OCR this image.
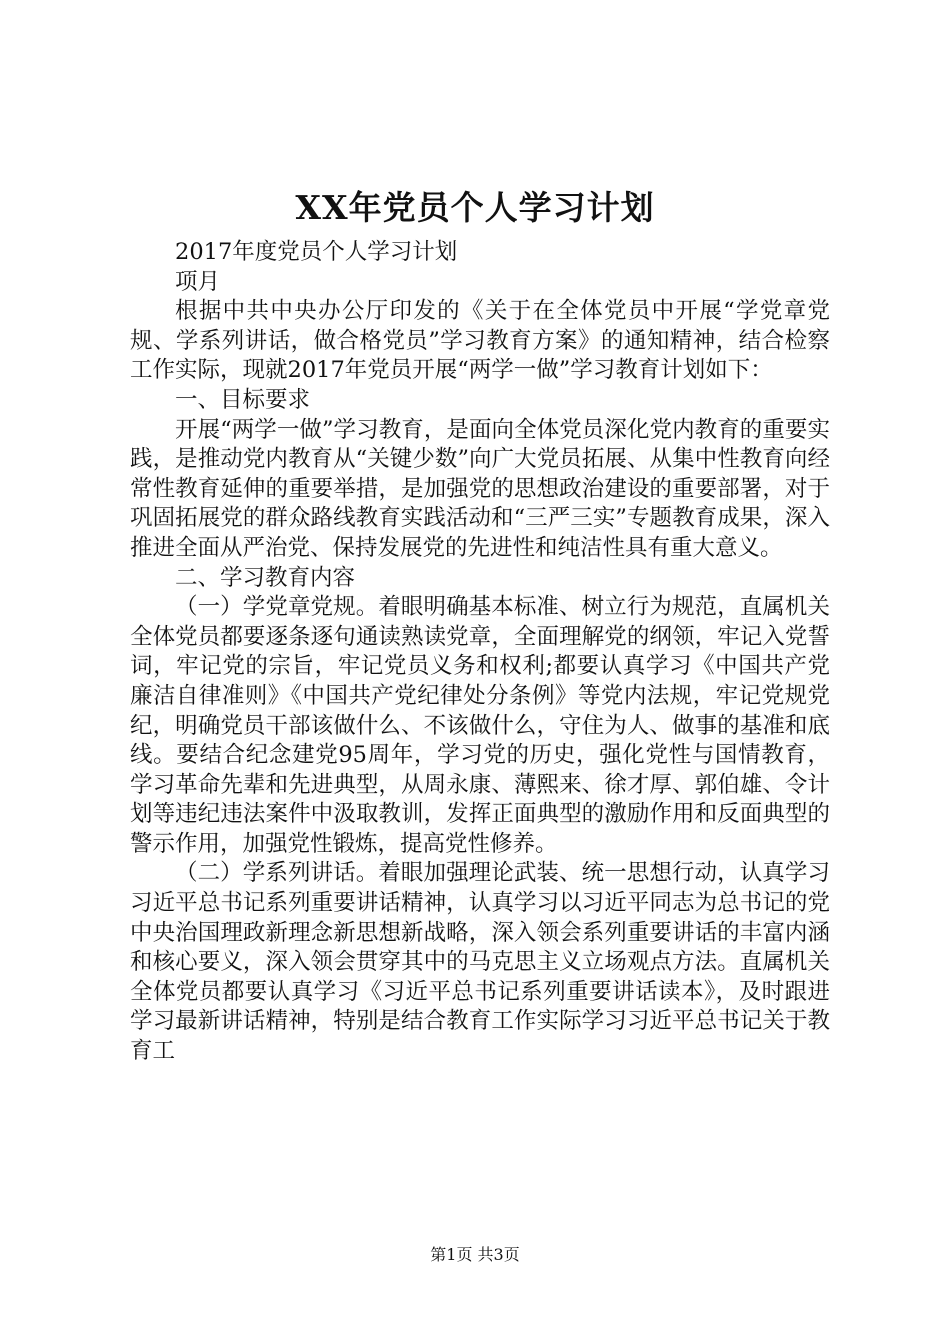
XX年党员个人学习计划

2017年度党员个人学习计划

项月

根据中共中央办公厅印发的《关于在全体党员中开展“学党章党规、学系列讲话，做合格党员”学习教育方案》的通知精神，结合检察工作实际，现就2017年党员开展“两学一做”学习教育计划如下：

一、目标要求

开展“两学一做”学习教育，是面向全体党员深化党内教育的重要实践，是推动党内教育从“关键少数”向广大党员拓展、从集中性教育向经常性教育延伸的重要举措，是加强党的思想政治建设的重要部署，对于巩固拓展党的群众路线教育实践活动和“三严三实”专题教育成果，深入推进全面从严治党、保持发展党的先进性和纯洁性具有重大意义。

二、学习教育内容

（一）学党章党规。着眼明确基本标准、树立行为规范，直属机关全体党员都要逐条逐句通读熟读党章，全面理解党的纲领，牢记入党誓词，牢记党的宗旨，牢记党员义务和权利;都要认真学习《中国共产党廉洁自律准则》《中国共产党纪律处分条例》等党内法规，牢记党规党纪，明确党员干部该做什么、不该做什么，守住为人、做事的基准和底线。要结合纪念建党95周年，学习党的历史，强化党性与国情教育，学习革命先辈和先进典型，从周永康、薄熙来、徐才厚、郭伯雄、令计划等违纪违法案件中汲取教训，发挥正面典型的激励作用和反面典型的警示作用，加强党性锻炼，提高党性修养。

（二）学系列讲话。着眼加强理论武装、统一思想行动，认真学习习近平总书记系列重要讲话精神，认真学习以习近平同志为总书记的党中央治国理政新理念新思想新战略，深入领会系列重要讲话的丰富内涵和核心要义，深入领会贯穿其中的马克思主义立场观点方法。直属机关全体党员都要认真学习《习近平总书记系列重要讲话读本》，及时跟进学习最新讲话精神，特别是结合教育工作实际学习习近平总书记关于教育工

第1页 共3页
